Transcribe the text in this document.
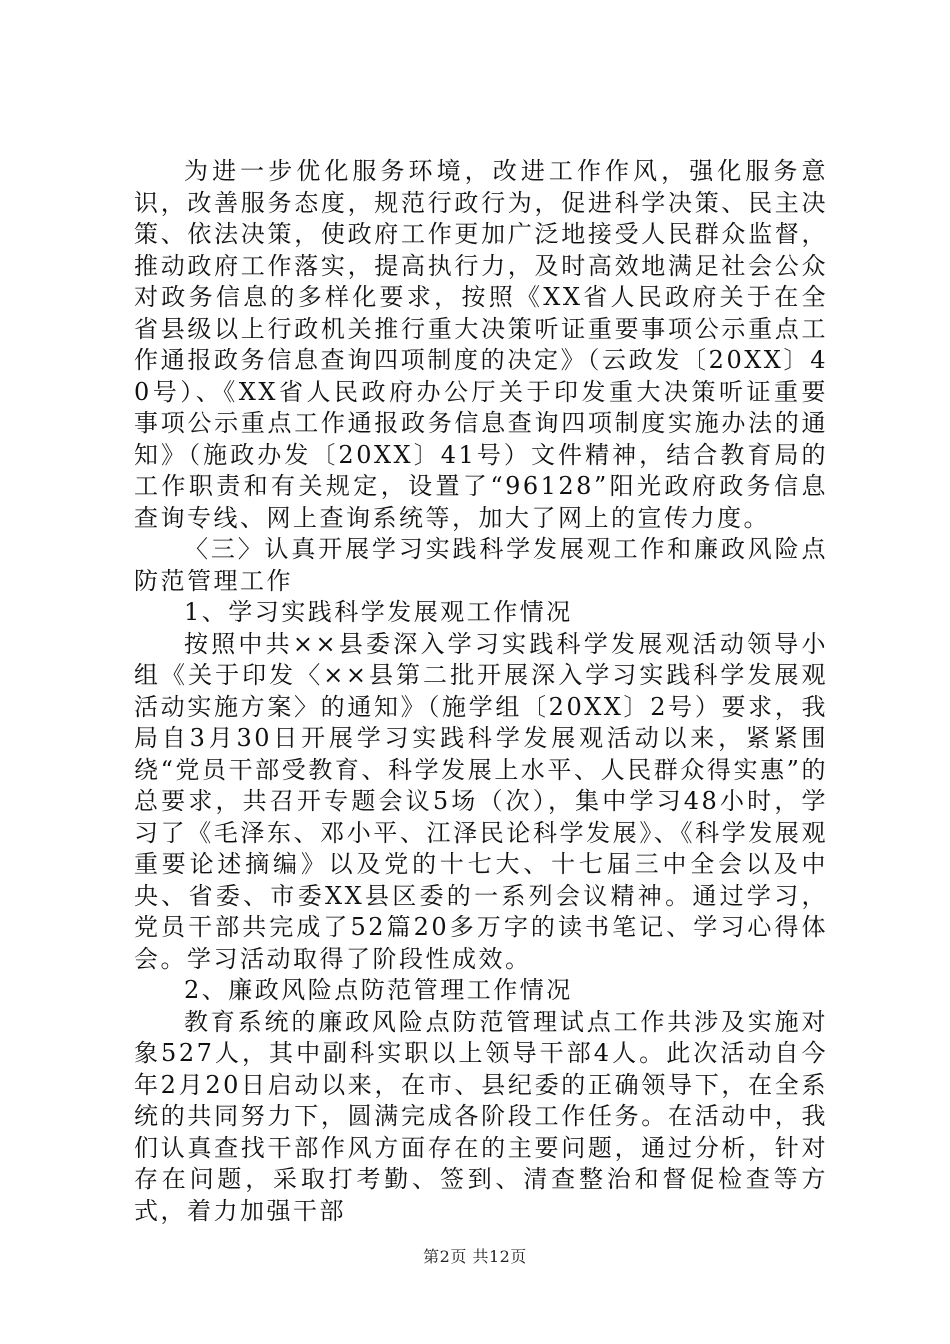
为进一步优化服务环境，改进工作作风，强化服务意识，改善服务态度，规范行政行为，促进科学决策、民主决策、依法决策，使政府工作更加广泛地接受人民群众监督，推动政府工作落实，提高执行力，及时高效地满足社会公众对政务信息的多样化要求，按照《XX省人民政府关于在全省县级以上行政机关推行重大决策听证重要事项公示重点工作通报政务信息查询四项制度的决定》（云政发〔20XX〕40号）、《XX省人民政府办公厅关于印发重大决策听证重要事项公示重点工作通报政务信息查询四项制度实施办法的通知》（施政办发〔20XX〕41号）文件精神，结合教育局的工作职责和有关规定，设置了“96128”阳光政府政务信息查询专线、网上查询系统等，加大了网上的宣传力度。

〈三〉认真开展学习实践科学发展观工作和廉政风险点防范管理工作

1、学习实践科学发展观工作情况

按照中共××县委深入学习实践科学发展观活动领导小组《关于印发〈××县第二批开展深入学习实践科学发展观活动实施方案〉的通知》（施学组〔20XX〕2号）要求，我局自3月30日开展学习实践科学发展观活动以来，紧紧围绕“党员干部受教育、科学发展上水平、人民群众得实惠”的总要求，共召开专题会议5场（次），集中学习48小时，学习了《毛泽东、邓小平、江泽民论科学发展》、《科学发展观重要论述摘编》以及党的十七大、十七届三中全会以及中央、省委、市委XX县区委的一系列会议精神。通过学习，党员干部共完成了52篇20多万字的读书笔记、学习心得体会。学习活动取得了阶段性成效。

2、廉政风险点防范管理工作情况

教育系统的廉政风险点防范管理试点工作共涉及实施对象527人，其中副科实职以上领导干部4人。此次活动自今年2月20日启动以来，在市、县纪委的正确领导下，在全系统的共同努力下，圆满完成各阶段工作任务。在活动中，我们认真查找干部作风方面存在的主要问题，通过分析，针对存在问题，采取打考勤、签到、清查整治和督促检查等方式，着力加强干部

第2页 共12页
